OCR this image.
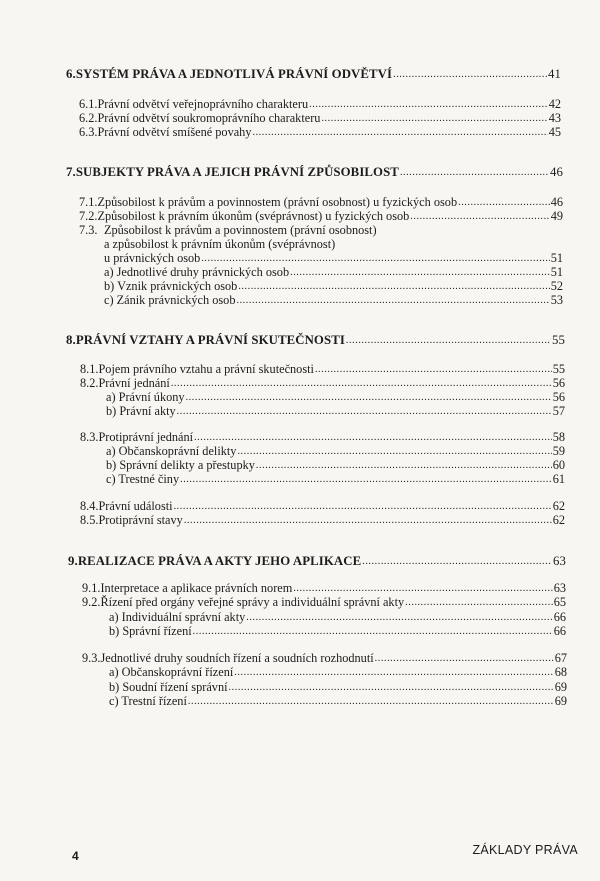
6. SYSTÉM PRÁVA A JEDNOTLIVÁ PRÁVNÍ ODVĚTVÍ .....	41
6.1. Právní odvětví veřejnoprávního charakteru .....	42
6.2. Právní odvětví soukromoprávního charakteru .....	43
6.3. Právní odvětví smíšené povahy .....	45
7. SUBJEKTY PRÁVA A JEJICH PRÁVNÍ ZPŮSOBILOST .....	46
7.1. Způsobilost k právům a povinnostem (právní osobnost) u fyzických osob .....	46
7.2. Způsobilost k právním úkonům (svéprávnost) u fyzických osob .....	49
7.3. Způsobilost k právům a povinnostem (právní osobnost)
a způsobilost k právním úkonům (svéprávnost)
u právnických osob .....	51
a) Jednotlivé druhy právnických osob .....	51
b) Vznik právnických osob .....	52
c) Zánik právnických osob .....	53
8. PRÁVNÍ VZTAHY A PRÁVNÍ SKUTEČNOSTI .....	55
8.1. Pojem právního vztahu a právní skutečnosti .....	55
8.2. Právní jednání .....	56
a) Právní úkony .....	56
b) Právní akty .....	57
8.3. Protiprávní jednání .....	58
a) Občanskoprávní delikty .....	59
b) Správní delikty a přestupky .....	60
c) Trestné činy .....	61
8.4. Právní události .....	62
8.5. Protiprávní stavy .....	62
9. REALIZACE PRÁVA A AKTY JEHO APLIKACE .....	63
9.1. Interpretace a aplikace právních norem .....	63
9.2. Řízení před orgány veřejné správy a individuální správní akty .....	65
a) Individuální správní akty .....	66
b) Správní řízení .....	66
9.3. Jednotlivé druhy soudních řízení a soudních rozhodnutí .....	67
a) Občanskoprávní řízení .....	68
b) Soudní řízení správní .....	69
c) Trestní řízení .....	69
4	ZÁKLADY PRÁVA
